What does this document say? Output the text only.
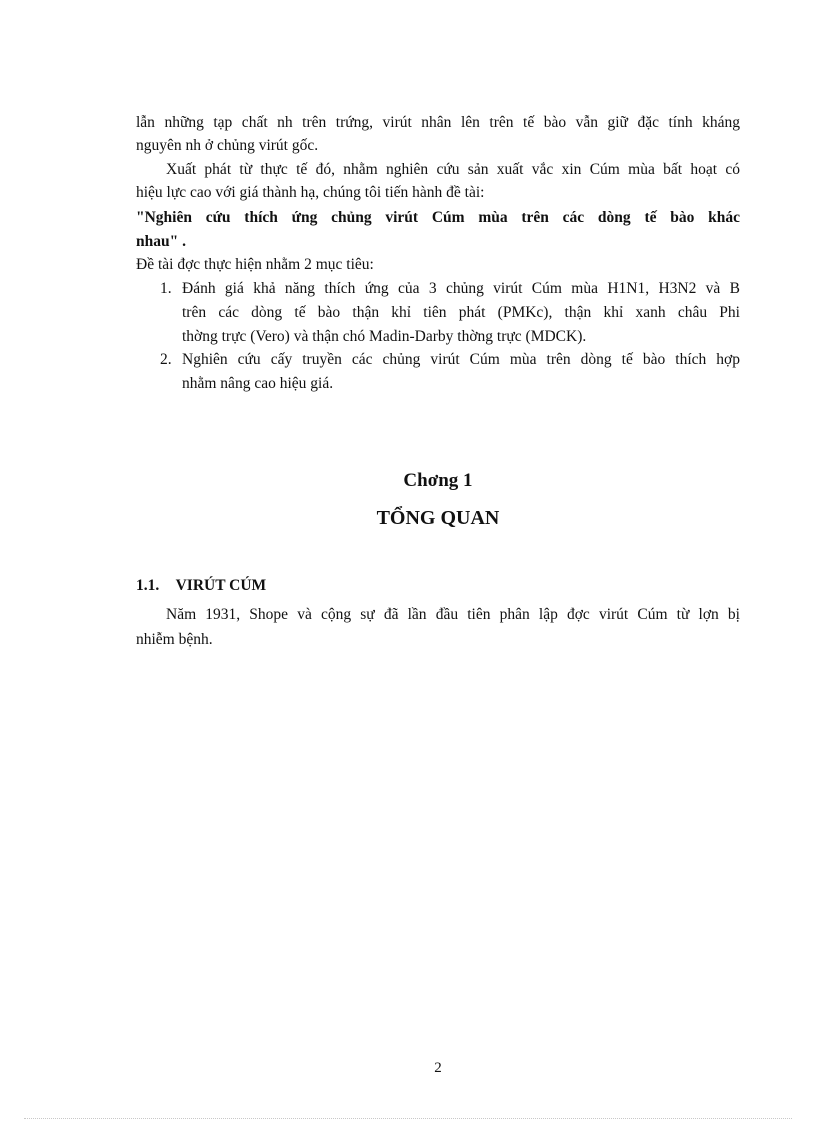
lẫn những tạp chất nh trên trứng, virút nhân lên trên tế bào vẫn giữ đặc tính kháng
nguyên nh ở chủng virút gốc.
Xuất phát từ thực tế đó, nhằm nghiên cứu sản xuất vắc xin Cúm mùa bất hoạt có
hiệu lực cao với giá thành hạ, chúng tôi tiến hành đề tài:
"Nghiên cứu thích ứng chủng virút Cúm mùa trên các dòng tế bào khác
nhau" .
Đề tài đợc thực hiện nhằm 2 mục tiêu:
1. Đánh giá khả năng thích ứng của 3 chủng virút Cúm mùa H1N1, H3N2 và B
trên các dòng tế bào thận khỉ tiên phát (PMKc), thận khỉ xanh châu Phi
thờng trực (Vero) và thận chó Madin-Darby thờng trực (MDCK).
2. Nghiên cứu cấy truyền các chủng virút Cúm mùa trên dòng tế bào thích hợp
nhằm nâng cao hiệu giá.
Chơng 1
TỔNG QUAN
1.1. VIRÚT CÚM
Năm 1931, Shope và cộng sự đã lần đầu tiên phân lập đợc virút Cúm từ lợn bị
nhiễm bệnh.
2
